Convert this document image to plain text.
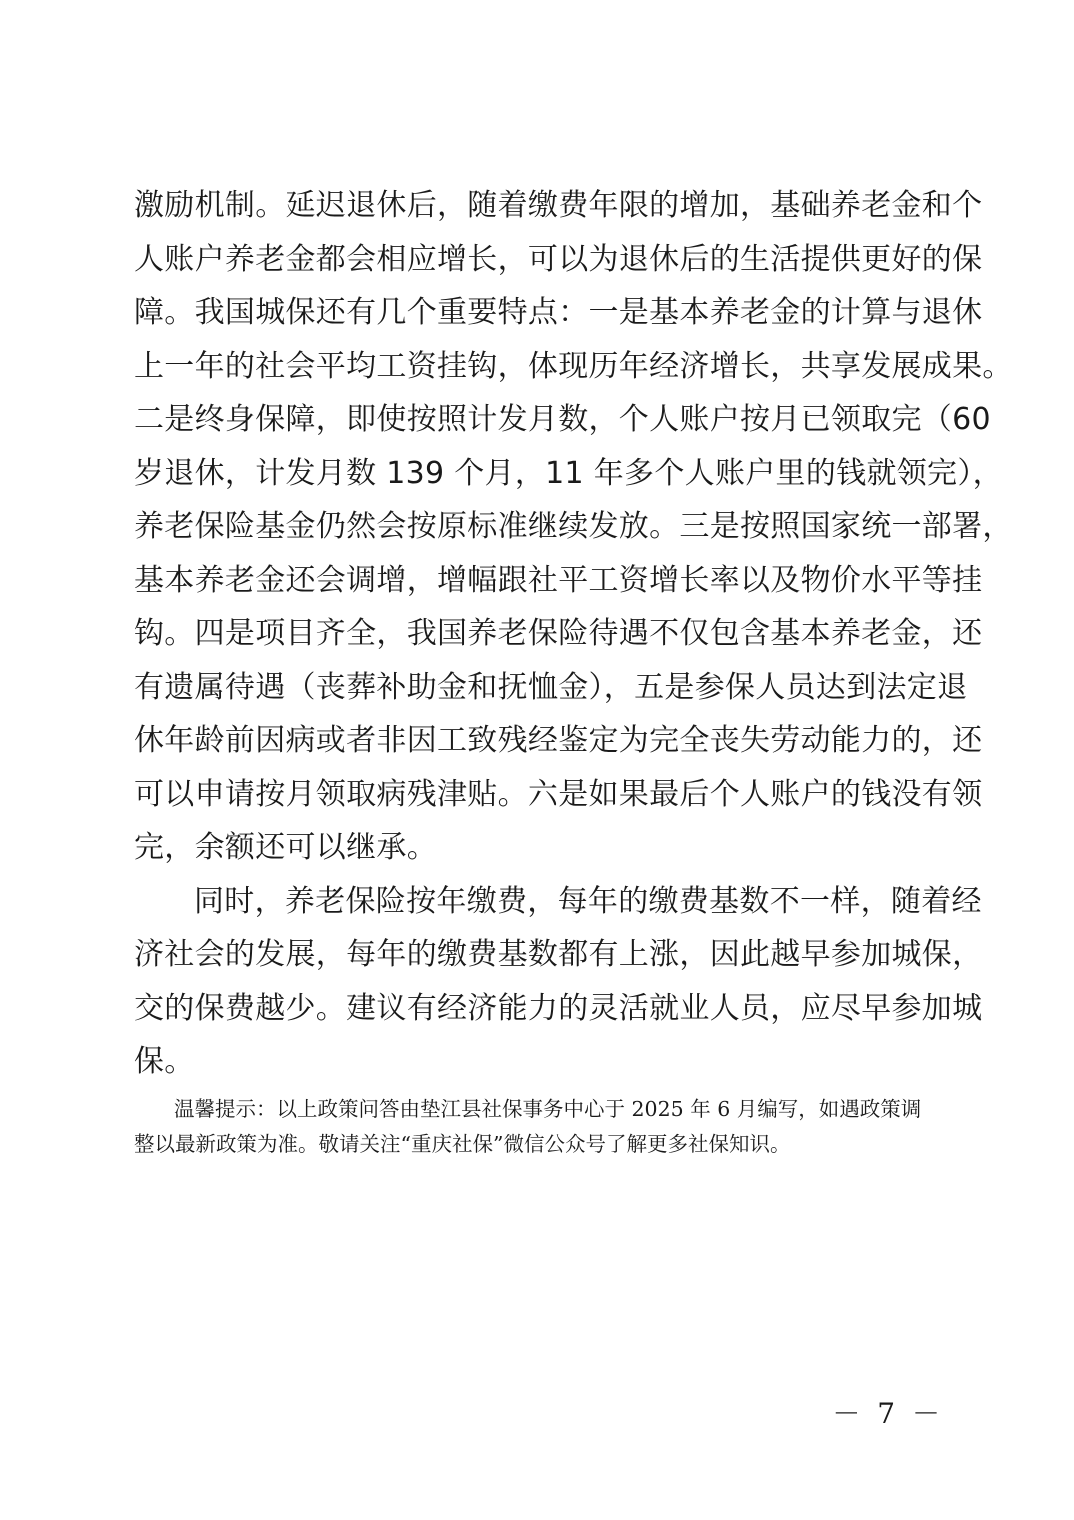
激励机制。延迟退休后，随着缴费年限的增加，基础养老金和个
人账户养老金都会相应增长，可以为退休后的生活提供更好的保
障。我国城保还有几个重要特点：一是基本养老金的计算与退休
上一年的社会平均工资挂钩，体现历年经济增长，共享发展成果。
二是终身保障，即使按照计发月数，个人账户按月已领取完（60
岁退休，计发月数 139 个月，11 年多个人账户里的钱就领完），
养老保险基金仍然会按原标准继续发放。三是按照国家统一部署，
基本养老金还会调增，增幅跟社平工资增长率以及物价水平等挂
钩。四是项目齐全，我国养老保险待遇不仅包含基本养老金，还
有遗属待遇（丧葬补助金和抚恤金），五是参保人员达到法定退
休年龄前因病或者非因工致残经鉴定为完全丧失劳动能力的，还
可以申请按月领取病残津贴。六是如果最后个人账户的钱没有领
完，余额还可以继承。
同时，养老保险按年缴费，每年的缴费基数不一样，随着经
济社会的发展，每年的缴费基数都有上涨，因此越早参加城保，
交的保费越少。建议有经济能力的灵活就业人员，应尽早参加城
保。
温馨提示：以上政策问答由垫江县社保事务中心于 2025 年 6 月编写，如遇政策调
整以最新政策为准。敬请关注“重庆社保”微信公众号了解更多社保知识。
－ 7 －
